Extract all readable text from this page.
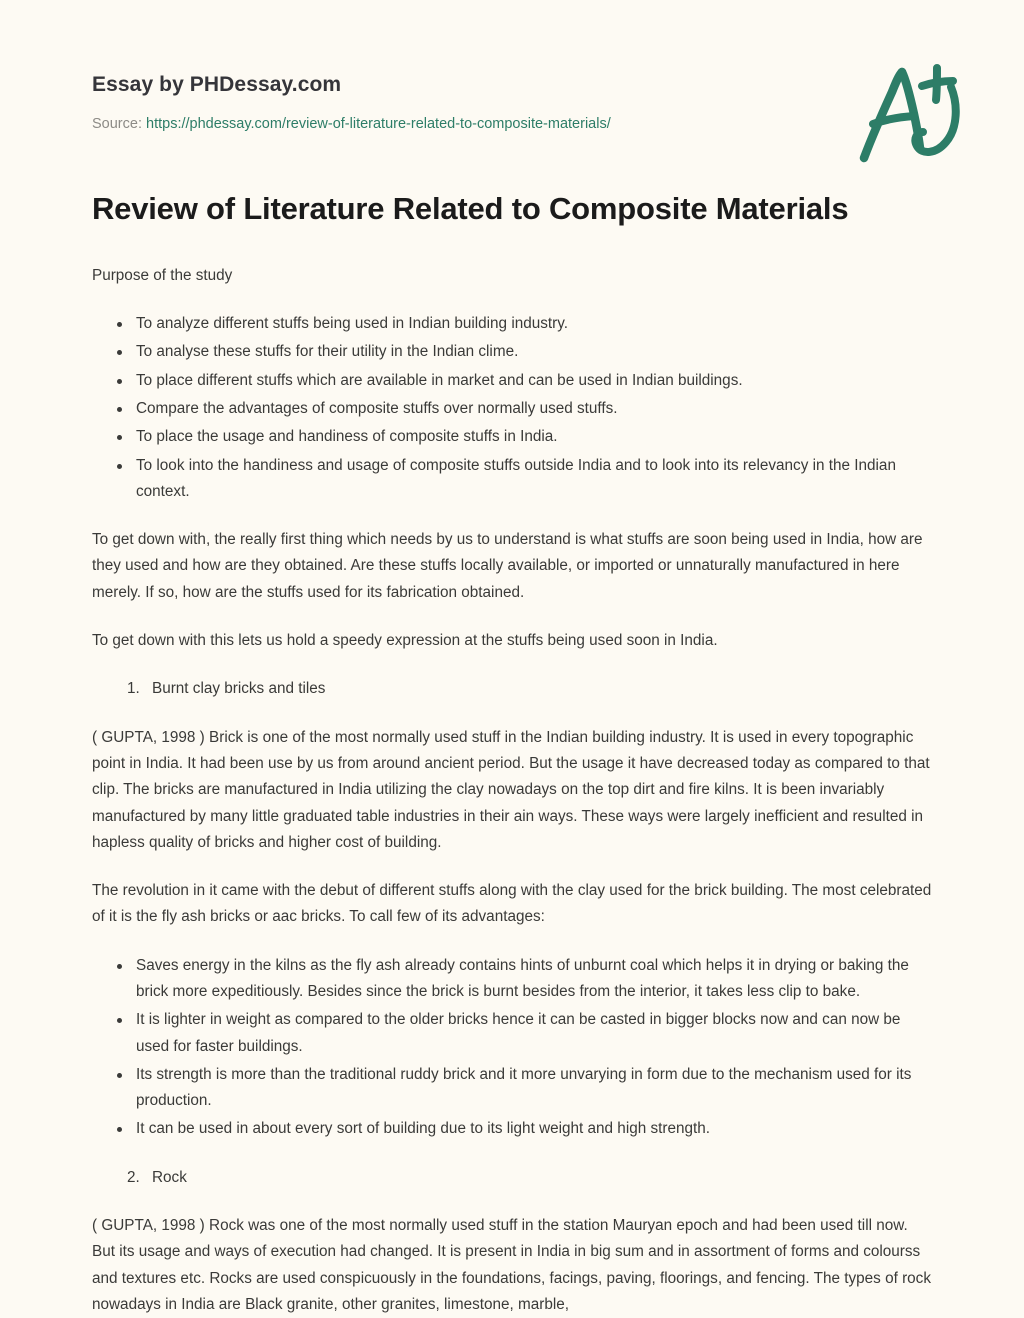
Essay by PHDessay.com
Source: https://phdessay.com/review-of-literature-related-to-composite-materials/
Review of Literature Related to Composite Materials

Purpose of the study

To analyze different stuffs being used in Indian building industry.
To analyse these stuffs for their utility in the Indian clime.
To place different stuffs which are available in market and can be used in Indian buildings.
Compare the advantages of composite stuffs over normally used stuffs.
To place the usage and handiness of composite stuffs in India.
To look into the handiness and usage of composite stuffs outside India and to look into its relevancy in the Indian context.

To get down with, the really first thing which needs by us to understand is what stuffs are soon being used in India, how are they used and how are they obtained. Are these stuffs locally available, or imported or unnaturally manufactured in here merely. If so, how are the stuffs used for its fabrication obtained.

To get down with this lets us hold a speedy expression at the stuffs being used soon in India.

1. Burnt clay bricks and tiles

( GUPTA, 1998 ) Brick is one of the most normally used stuff in the Indian building industry. It is used in every topographic point in India. It had been use by us from around ancient period. But the usage it have decreased today as compared to that clip. The bricks are manufactured in India utilizing the clay nowadays on the top dirt and fire kilns. It is been invariably manufactured by many little graduated table industries in their ain ways. These ways were largely inefficient and resulted in hapless quality of bricks and higher cost of building.

The revolution in it came with the debut of different stuffs along with the clay used for the brick building. The most celebrated of it is the fly ash bricks or aac bricks. To call few of its advantages:

Saves energy in the kilns as the fly ash already contains hints of unburnt coal which helps it in drying or baking the brick more expeditiously. Besides since the brick is burnt besides from the interior, it takes less clip to bake.
It is lighter in weight as compared to the older bricks hence it can be casted in bigger blocks now and can now be used for faster buildings.
Its strength is more than the traditional ruddy brick and it more unvarying in form due to the mechanism used for its production.
It can be used in about every sort of building due to its light weight and high strength.
2. Rock

( GUPTA, 1998 ) Rock was one of the most normally used stuff in the station Mauryan epoch and had been used till now. But its usage and ways of execution had changed. It is present in India in big sum and in assortment of forms and colourss and textures etc. Rocks are used conspicuously in the foundations, facings, paving, floorings, and fencing. The types of rock nowadays in India are Black granite, other granites, limestone, marble,
